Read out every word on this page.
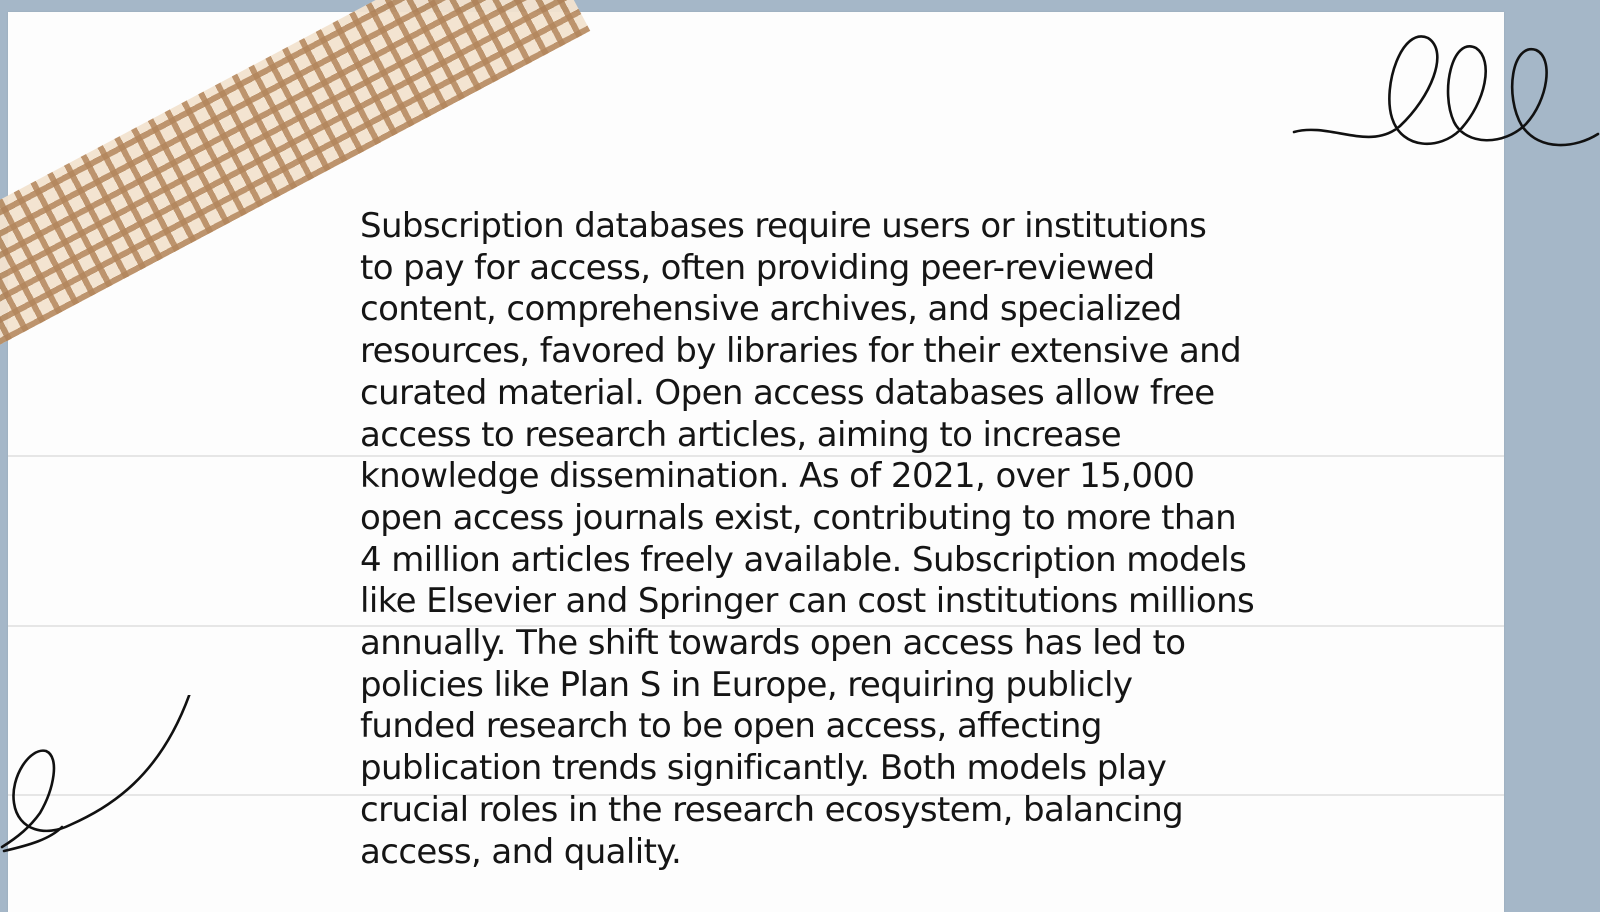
Subscription databases require users or institutions
to pay for access, often providing peer-reviewed
content, comprehensive archives, and specialized
resources, favored by libraries for their extensive and
curated material. Open access databases allow free
access to research articles, aiming to increase
knowledge dissemination. As of 2021, over 15,000
open access journals exist, contributing to more than
4 million articles freely available. Subscription models
like Elsevier and Springer can cost institutions millions
annually. The shift towards open access has led to
policies like Plan S in Europe, requiring publicly
funded research to be open access, affecting
publication trends significantly. Both models play
crucial roles in the research ecosystem, balancing
access, and quality.
